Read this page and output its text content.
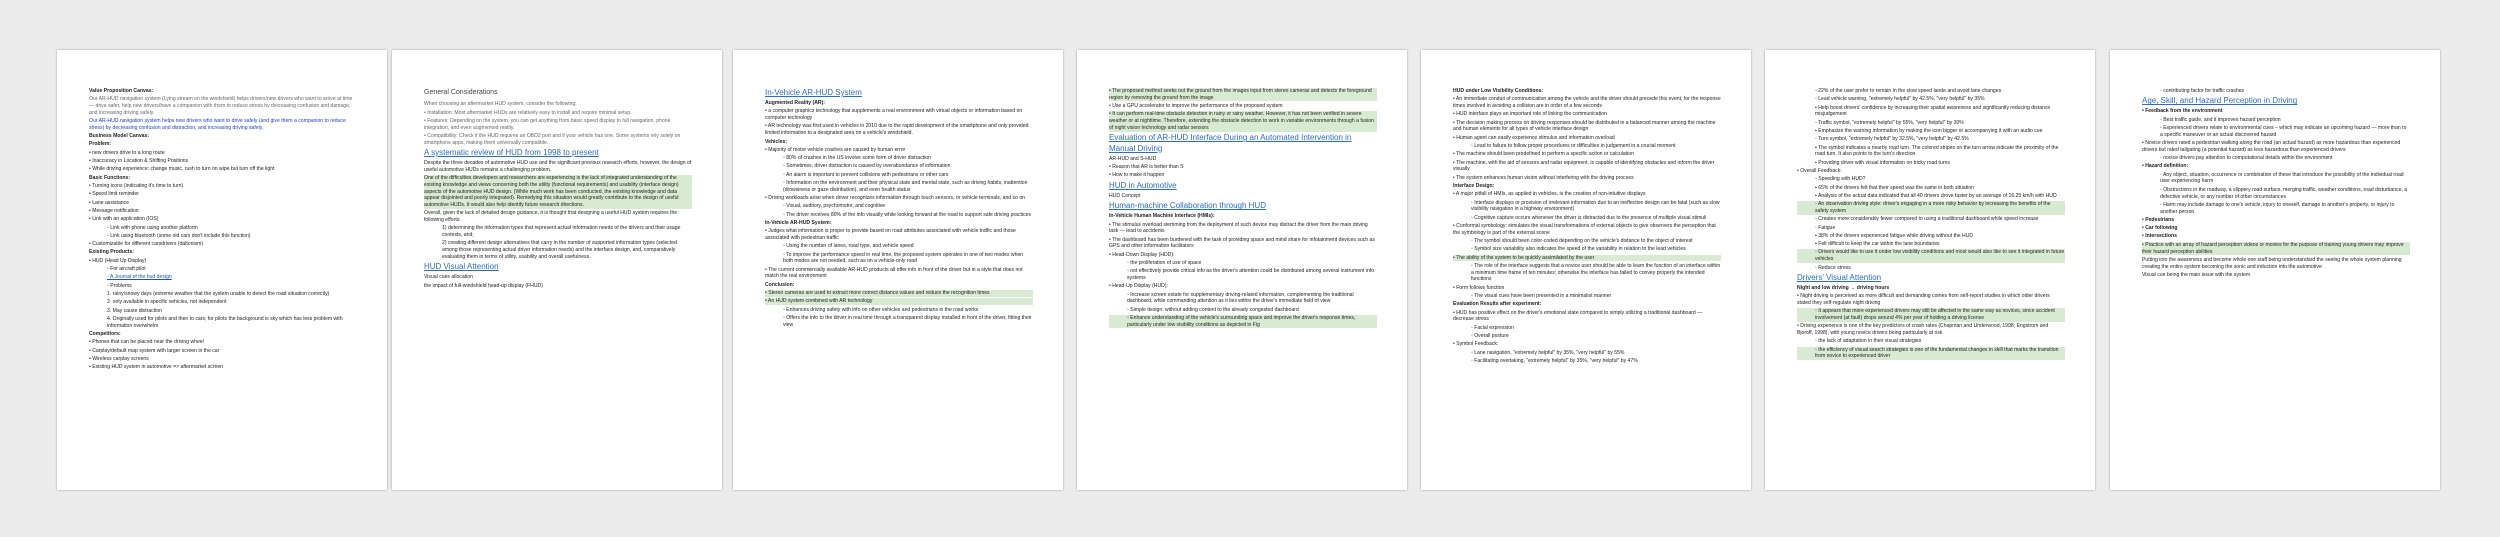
Value Proposition Canvas:

Our AR-HUD navigation system (Lying stream on the windshield) helps drivers/new drivers who want to arrive at time — drive safer, help new drivers/have a companion with them to reduce stress by decreasing confusion and damage, and increasing driving safely.

Our AR-HUD navigation system helps new drivers who want to drive safely (and give them a companion to reduce stress) by decreasing confusion and distraction, and increasing driving safely.

Business Model Canvas:

Problem:

• new drivers drive to a long route

• Inaccuracy in Location & Shifting Positions

• While driving experience: change music, rush to turn on wipe but turn off the light

Basic Functions:

• Turning icons (indicating it's time to turn)

• Speed limit reminder

• Lane assistance

• Message notification

• Link with an application (IOS)

◦ Link with phone using another platform

◦ Link using bluetooth (some old cars don't include this function)

• Customizable for different carsdrivers (daltonism)

Existing Products:

• HUD (Head Up Display)

◦ For aircraft pilot

◦ A Journal of the hud design

◦ Problems

1. rainy/snowy days (extreme weather that the system unable to detect the road situation correctly)

2. only available in specific vehicles, not independent

3. May cause distraction

4. Originally used for pilots and then to cars; for pilots the background is sky which has less problem with information overwhelm

Competitors:

• Phones that can be placed near the driving wheel

• Carplay/default map system with larger screen in the car

• Wireless carplay screens

• Existing HUD system in automotive => aftermarket screen

General Considerations

When choosing an aftermarket HUD system, consider the following:

• Installation: Most aftermarket HUDs are relatively easy to install and require minimal setup.

• Features: Depending on the system, you can get anything from basic speed display to full navigation, phone integration, and even augmented reality.

• Compatibility: Check if the HUD requires an OBD2 port and if your vehicle has one. Some systems rely solely on smartphone apps, making them universally compatible.

A systematic review of HUD from 1998 to present

Despite the three decades of automotive HUD use and the significant previous research efforts, however, the design of useful automotive HUDs remains a challenging problem.

One of the difficulties developers and researchers are experiencing is the lack of integrated understanding of the existing knowledge and views concerning both the utility (functional requirements) and usability (interface design) aspects of the automotive HUD design. (While much work has been conducted, the existing knowledge and data appear disjointed and poorly integrated). Remedying this situation would greatly contribute to the design of useful automotive HUDs. It would also help identify future research directions.

Overall, given the lack of detailed design guidance, it is thought that designing a useful HUD system requires the following efforts:

1) determining the information types that represent actual information needs of the drivers and their usage contexts, and;

2) creating different design alternatives that carry in the number of supported information types (selected among those representing actual driver information needs) and the interface design, and, comparatively evaluating them in terms of utility, usability and overall usefulness.

HUD Visual Attention

Visual cues allocation

the impact of full-windshield head-up display (FHUD)

In-Vehicle AR-HUD System

Augmented Reality (AR):

• a computer graphics technology that supplements a real environment with virtual objects or information based on computer technology

• AR technology was first used in vehicles in 2010 due to the rapid development of the smartphone and only provided limited information to a designated area on a vehicle's windshield.

Vehicles:

• Majority of motor vehicle crashes are caused by human error

◦ 80% of crashes in the US involve some form of driver distraction

◦ Sometimes, driver distraction is caused by overabundance of information

◦ An alarm is important to prevent collisions with pedestrians or other cars

◦ Information on the environment and their physical state and mental state, such as driving habits, inattention (drowsiness or gaze distribution), and even health status

• Driving workloads arise when driver recognizes information through touch sensors, or vehicle terminals, and so on

◦ Visual, auditory, psychomotor, and cognitive

◦ The driver receives 80% of the info visually while looking forward at the road to support safe driving practices

In-Vehicle AR-HUD System:

• Judges what information is proper to provide based on road attributes associated with vehicle traffic and those associated with pedestrian traffic

◦ Using the number of lanes, road type, and vehicle speed

◦ To improve the performance speed in real time, the proposed system operates in one of two modes when both modes are not needed, such as on a vehicle-only road

• The current commercially available AR-HUD products all offer info in front of the driver but in a style that does not match the real environment

Conclusion:

• Stereo cameras are used to extract more correct distance values and reduce the recognition times

• An HUD system combined with AR technology

◦ Enhances driving safety with info on other vehicles and pedestrians in the road works

◦ Offers the info to the driver in real time through a transparent display installed in front of the driver, fitting their view

• The proposed method seeks out the ground from the images input from stereo cameras and detects the foreground region by removing the ground from the image

• Use a GPU accelerator to improve the performance of the proposed system

• It can perform real-time obstacle detection in rainy or rainy weather. However, it has not been verified in severe weather or at nighttime. Therefore, extending the obstacle detection to work in variable environments through a fusion of night vision technology and radar sensors

Evaluation of AR-HUD Interface During an Automated Intervention in Manual Driving

AR-HUD and S-HUD

• Reason that AR is better than S

• How to make it happen

HUD in Automotive

HUD Concept

Human-machine Collaboration through HUD

In-Vehicle Human Machine Interface (HMIs):

• The stimulus overload stemming from the deployment of such device may distract the driver from the main driving task — lead to accidents

• The dashboard has been burdened with the task of providing space and mind share for infotainment devices such as GPS and other information facilitators

• Head-Down Display (HDD):

◦ the proliferation of use of space

◦ not effectively provide critical info as the driver's attention could be distributed among several instrument info systems

• Head-Up Display (HUD):

◦ Increase screen estate for supplementary driving-related information, complementing the traditional dashboard, while commanding attention as it lies within the driver's immediate field of view

◦ Simple design: without adding content to the already congested dashboard

◦ Enhance understanding of the vehicle's surrounding space and improve the driver's response times, particularly under low visibility conditions as depicted in Fig

HUD under Low Visibility Conditions:

• An immediate conduit of communication among the vehicle and the driver should precede this event, for the response times involved in avoiding a collision are in order of a few seconds

• HUD interface plays an important role of linking the communication

• The decision making process on driving responses should be distributed in a balanced manner among the machine and human elements for all types of vehicle interface design

• Human agent can easily experience stimulus and information overload

◦ Lead to failure to follow proper procedures or difficulties in judgement in a crucial moment

• The machine should been predefined to perform a specific action or calculation

• The machine, with the aid of sensors and radar equipment, is capable of identifying obstacles and inform the driver visually

• The system enhances human vision without interfering with the driving process

Interface Design:

• A major pitfall of HMIs, as applied in vehicles, is the creation of non-intuitive displays

◦ Interface displays or provision of irrelevant information due to an ineffective design can be fatal (such as slow visibility navigation in a highway environment)

◦ Cognitive capture occurs whenever the driver is distracted due to the presence of multiple visual stimuli

• Conformal symbology: simulates the visual transformations of external objects to give observers the perception that the symbology is part of the external scene

◦ The symbol should been color-coded depending on the vehicle's distance to the object of interest

◦ Symbol size variability also indicates the speed of the variability in relation to the lead vehicles

• The ability of the system to be quickly assimilated by the user

◦ The role of the interface suggests that a novice user should be able to learn the function of an interface within a minimum time frame of ten minutes; otherwise the interface has failed to convey properly the intended functions

• Form follows function

◦ The visual cues have been presented in a minimalist manner

Evaluation Results after experiment:

• HUD has positive effect on the driver's emotional state compared to simply utilizing a traditional dashboard — decrease stress

◦ Facial expression

◦ Overall posture

• Symbol Feedback:

◦ Lane navigation, "extremely helpful" by 35%, "very helpful" by 55%

◦ Facilitating overtaking, "extremely helpful" by 35%, "very helpful" by 47%

◦ 22% of the user prefer to remain in the slow speed lande and avoid lane changes

◦ Lead vehicle warning, "extremely helpful" by 42.5%, "very helpful" by 35%

▪ Help boost drivers' confidence by increasing their spatial awareness and significantly reducing distance misjudgement

◦ Traffic symbol, "extremely helpful" by 55%, "very helpful" by 30%

▪ Emphasize the warning information by making the icon bigger or accompanying it with an audio cue

◦ Turn symbol, "extremely helpful" by 32.5%, "very helpful" by 42.5%

▪ The symbol indicates a nearby road turn. The colored stripes on the turn arrow indicate the proximity of the road turn. It also points to the turn's direction

▪ Providing driver with visual information on tricky road turns

• Overall Feedback:

◦ Speeding with HUD?

▪ 65% of the drivers felt that their speed was the same in both situation

▪ Analysis of the actual data indicated that all 40 drivers drove faster by an average of 16.25 km/h with HUD

◦ An observation driving style: driver's engaging in a more risky behavior by increasing the benefits of the safety system

◦ Creates more considerably fewer compared to using a traditional dashboard while speed increase

◦ Fatigue

▪ 38% of the drivers experienced fatigue while driving without the HUD

▪ Felt difficult to keep the car within the lane boundaries

◦ Drivers would like to use it under low visibility conditions and most would also like to see it integrated in future vehicles

◦ Reduce stress

Drivers' Visual Attention

Night and low driving → driving hours

• Night driving is perceived as more difficult and demanding comes from self-report studies in which older drivers stated they self-regulate night driving

◦ It appears that more experienced drivers may still be affected in the same way as novices, since accident involvement (at fault) drops around 4% per year of holding a driving license

• Driving experience is one of the key predictors of crash rates (Chapman and Underwood, 1998; Engstrom and Bjoroff, 1998), with young novice drivers being particularly at risk

◦ the lack of adaptation in their visual strategies

◦ the efficiency of visual search strategies is one of the fundamental changes in skill that marks the transition from novice to experienced driver

◦ contributing factor for traffic crashes

Age, Skill, and Hazard Perception in Driving

• Feedback from the environment

◦ Best traffic guide, and it improves hazard perception

◦ Experienced drivers relate to environmental cues – which may indicate an upcoming hazard — more than to a specific maneuver or an actual discovered hazard

• Novice drivers rated a pedestrian walking along the road (an actual hazard) as more hazardous than experienced drivers but rated tailgating (a potential hazard) as less hazardous than experienced drivers

◦ novice drivers pay attention to computational details within the environment

• Hazard definition:

◦ Any object, situation, occurrence or combination of these that introduce the possibility of the individual road user experiencing harm

◦ Obstructions in the roadway, a slippery road surface, merging traffic, weather conditions, road disturbance, a defective vehicle, or any number of other circumstances

◦ Harm may include damage to one's vehicle, injury to oneself, damage to another's property, or injury to another person

• Pedestrians

• Car following

• Intersections

• Practice with an array of hazard perception videos or movies for the purpose of training young drivers may improve their hazard perception abilities

Putting into the awareness and become whole one staff being understandard the seeing the whole system planning creating the entire system becoming the sonic and induction into the automotive

Visual cue being the main issue with the system
